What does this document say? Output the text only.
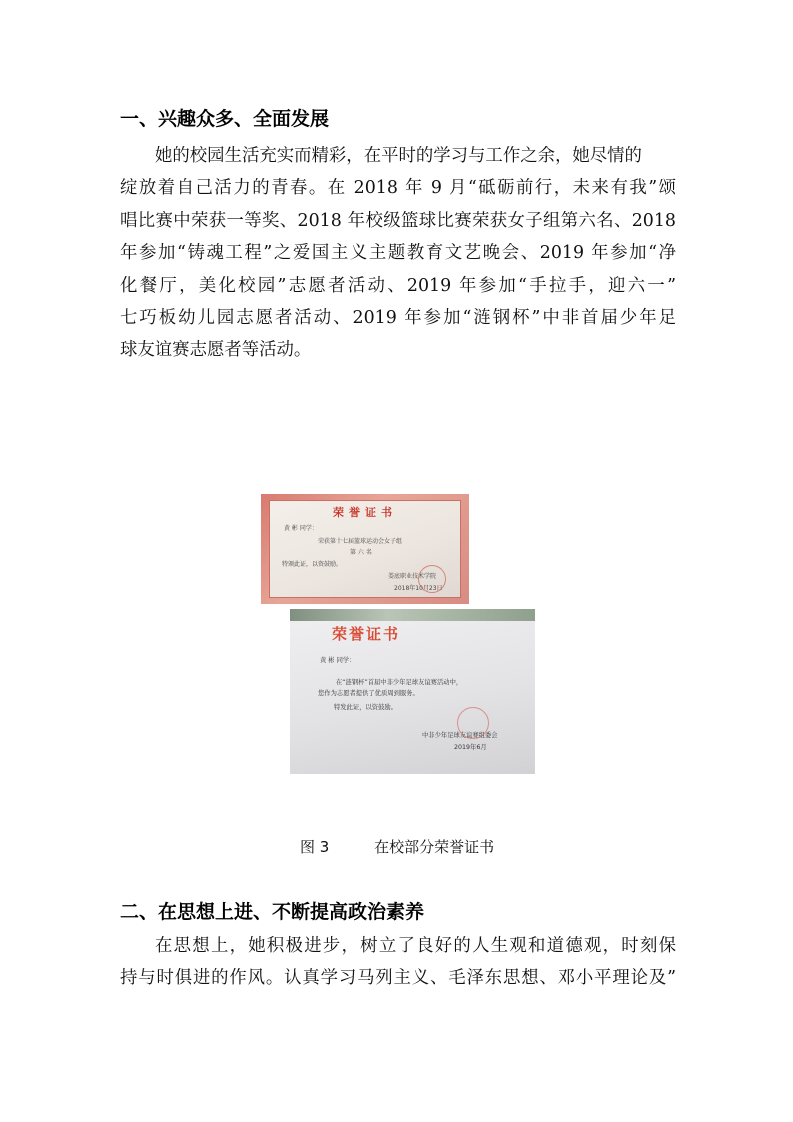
一、兴趣众多、全面发展

她的校园生活充实而精彩，在平时的学习与工作之余，她尽情的

绽放着自己活力的青春。在 2018 年 9 月“砥砺前行，未来有我”颂

唱比赛中荣获一等奖、2018 年校级篮球比赛荣获女子组第六名、2018

年参加“铸魂工程”之爱国主义主题教育文艺晚会、2019 年参加“净

化餐厅，美化校园”志愿者活动、2019 年参加“手拉手，迎六一”

七巧板幼儿园志愿者活动、2019 年参加“涟钢杯”中非首届少年足

球友谊赛志愿者等活动。

荣誉证书
黄 彬 同学：
荣获第十七届篮球运动会女子组
第 六 名
特颁此证，以资鼓励。
娄底职业技术学院
2018年10月23日
荣誉证书
黄 彬 同学：
在“涟钢杯”首届中非少年足球友谊赛活动中，
您作为志愿者提供了优质周到服务。
特发此证，以资鼓励。
中非少年足球友谊赛组委会
2019年6月
图 3	在校部分荣誉证书
二、在思想上进、不断提高政治素养

在思想上，她积极进步，树立了良好的人生观和道德观，时刻保

持与时俱进的作风。认真学习马列主义、毛泽东思想、邓小平理论及”
